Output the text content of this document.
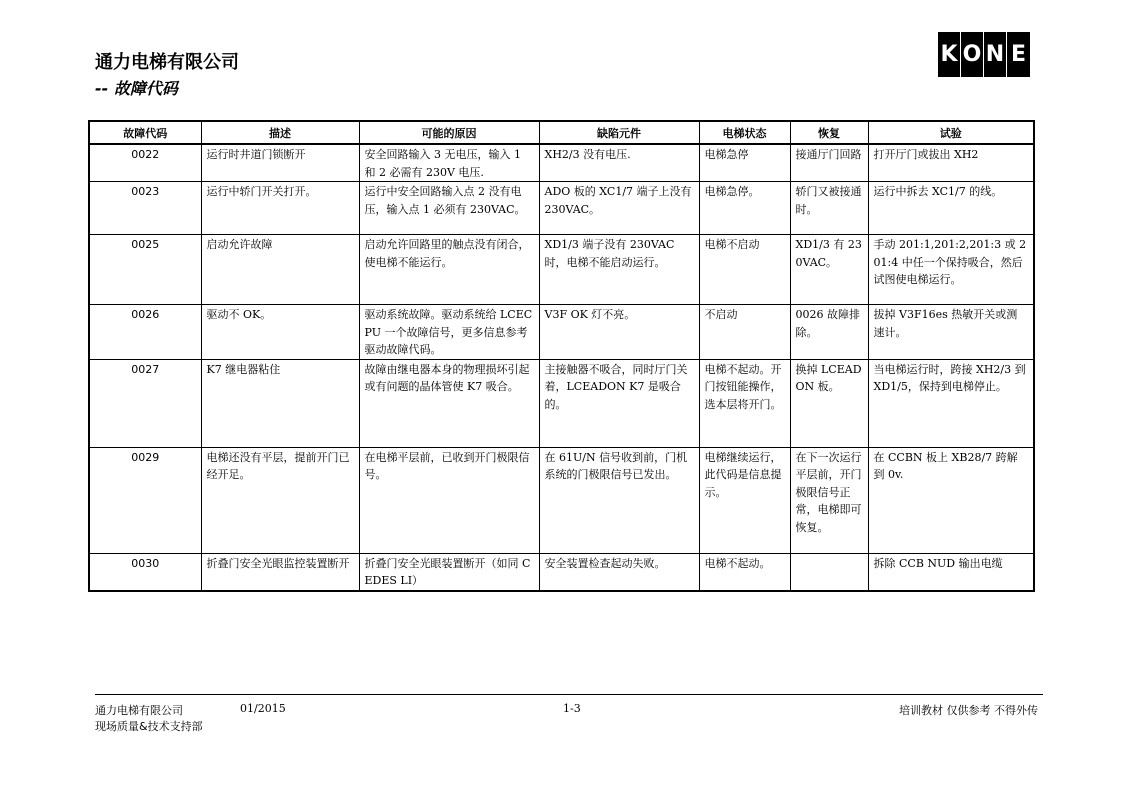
通力电梯有限公司
-- 故障代码
K O N E
故障代码	描述	可能的原因	缺陷元件	电梯状态	恢复	试验
0022	运行时井道门锁断开	安全回路输入 3 无电压，输入 1 和 2 必需有 230V 电压.	XH2/3 没有电压.	电梯急停	接通厅门回路	打开厅门或拔出 XH2
0023	运行中轿门开关打开。	运行中安全回路输入点 2 没有电压，输入点 1 必须有 230VAC。	ADO 板的 XC1/7 端子上没有 230VAC。	电梯急停。	轿门又被接通时。	运行中拆去 XC1/7 的线。
0025	启动允许故障	启动允许回路里的触点没有闭合，使电梯不能运行。	XD1/3 端子没有 230VAC 时，电梯不能启动运行。	电梯不启动	XD1/3 有 230VAC。	手动 201:1,201:2,201:3 或 201:4 中任一个保持吸合，然后试图使电梯运行。
0026	驱动不 OK。	驱动系统故障。驱动系统给 LCECPU 一个故障信号，更多信息参考驱动故障代码。	V3F OK 灯不亮。	不启动	0026 故障排除。	拔掉 V3F16es 热敏开关或测速计。
0027	K7 继电器粘住	故障由继电器本身的物理损坏引起或有问题的晶体管使 K7 吸合。	主接触器不吸合，同时厅门关着，LCEADON K7 是吸合的。	电梯不起动。开门按钮能操作，选本层将开门。	换掉 LCEADON 板。	当电梯运行时，跨接 XH2/3 到 XD1/5，保持到电梯停止。
0029	电梯还没有平层，提前开门已经开足。	在电梯平层前，已收到开门极限信号。	在 61U/N 信号收到前，门机系统的门极限信号已发出。	电梯继续运行，此代码是信息提示。	在下一次运行平层前，开门极限信号正常，电梯即可恢复。	在 CCBN 板上 XB28/7 跨解到 0v.
0030	折叠门安全光眼监控装置断开	折叠门安全光眼装置断开（如同 CEDES LI）	安全装置检查起动失败。	电梯不起动。		拆除 CCB NUD 输出电缆
通力电梯有限公司	01/2015	1-3	培训教材 仅供参考 不得外传
现场质量&技术支持部
